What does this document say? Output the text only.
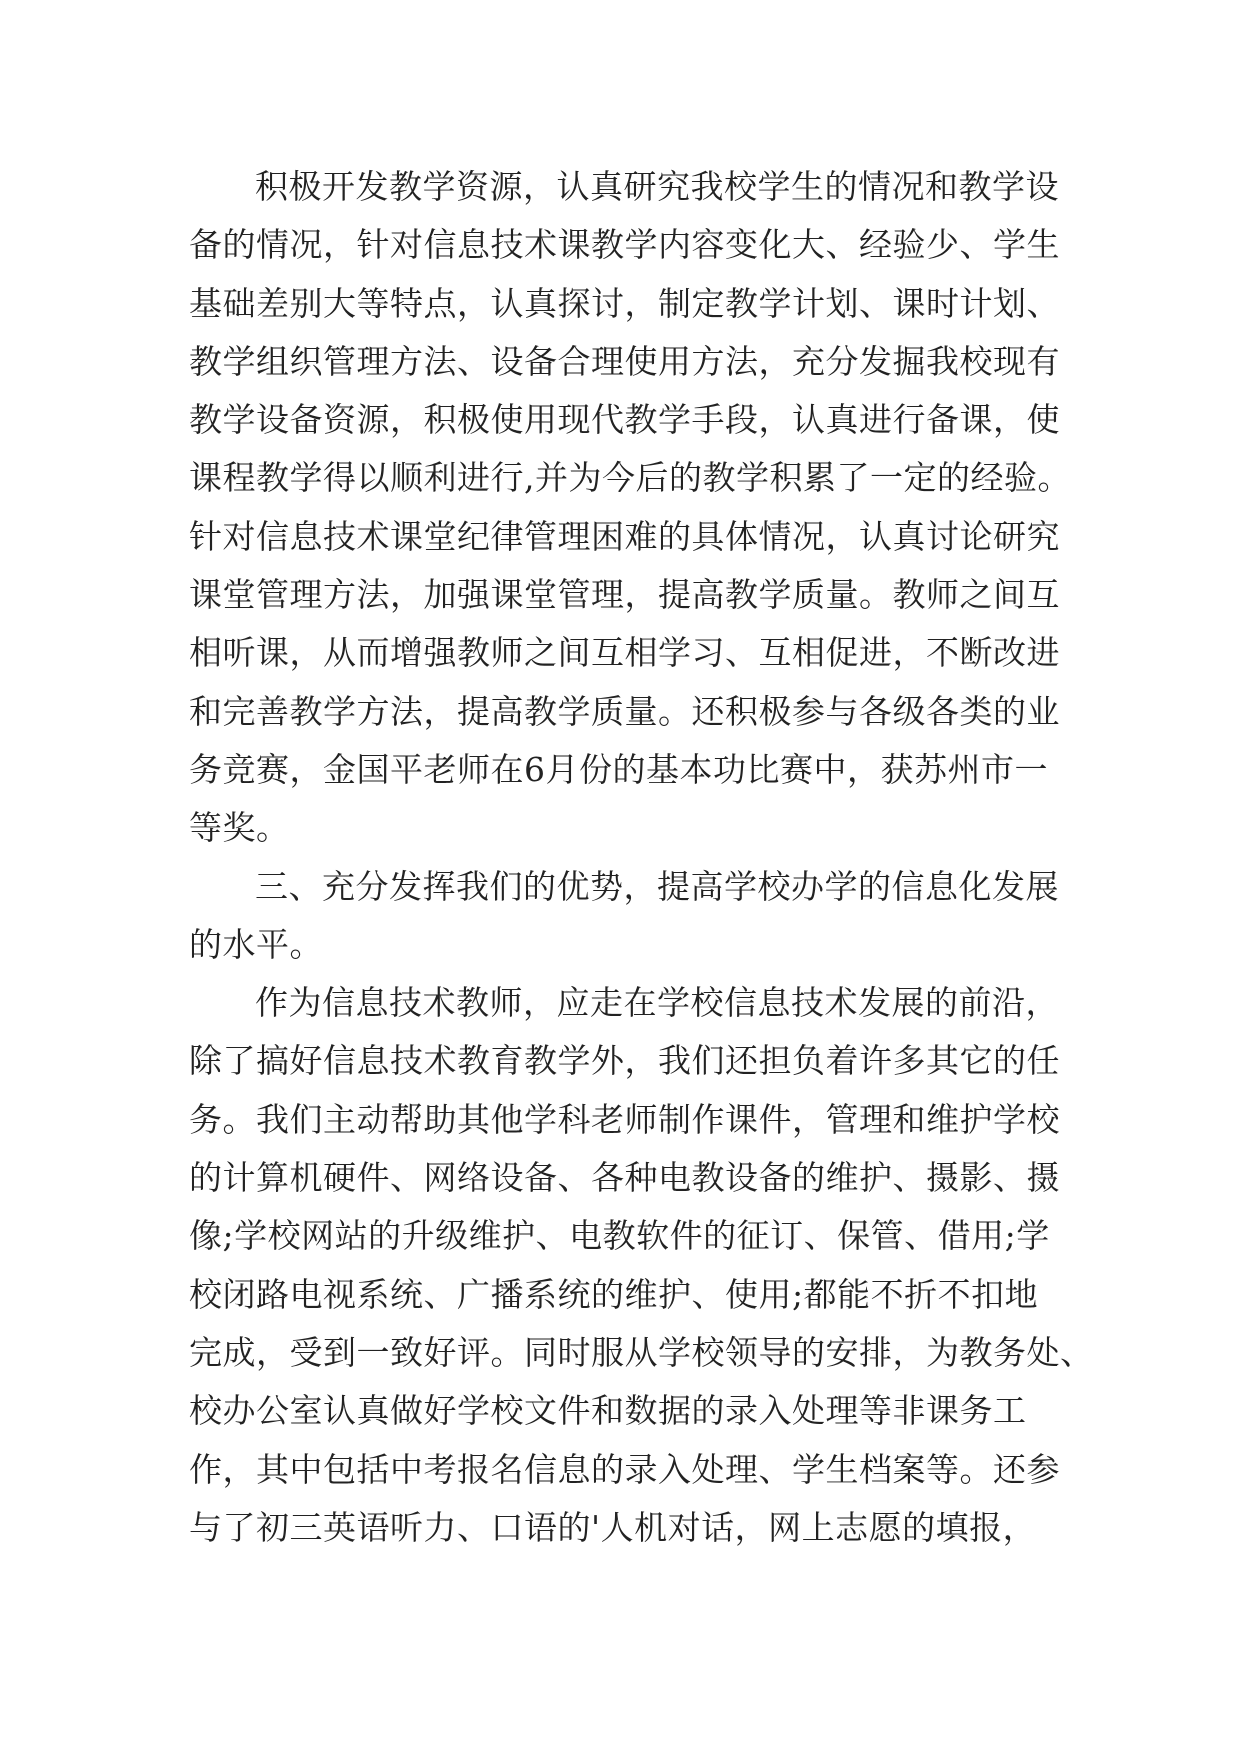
积极开发教学资源，认真研究我校学生的情况和教学设
备的情况，针对信息技术课教学内容变化大、经验少、学生
基础差别大等特点，认真探讨，制定教学计划、课时计划、
教学组织管理方法、设备合理使用方法，充分发掘我校现有
教学设备资源，积极使用现代教学手段，认真进行备课，使
课程教学得以顺利进行,并为今后的教学积累了一定的经验。
针对信息技术课堂纪律管理困难的具体情况，认真讨论研究
课堂管理方法，加强课堂管理，提高教学质量。教师之间互
相听课，从而增强教师之间互相学习、互相促进，不断改进
和完善教学方法，提高教学质量。还积极参与各级各类的业
务竞赛，金国平老师在6月份的基本功比赛中，获苏州市一
等奖。
三、充分发挥我们的优势，提高学校办学的信息化发展
的水平。
作为信息技术教师，应走在学校信息技术发展的前沿，
除了搞好信息技术教育教学外，我们还担负着许多其它的任
务。我们主动帮助其他学科老师制作课件，管理和维护学校
的计算机硬件、网络设备、各种电教设备的维护、摄影、摄
像;学校网站的升级维护、电教软件的征订、保管、借用;学
校闭路电视系统、广播系统的维护、使用;都能不折不扣地
完成，受到一致好评。同时服从学校领导的安排，为教务处、
校办公室认真做好学校文件和数据的录入处理等非课务工
作，其中包括中考报名信息的录入处理、学生档案等。还参
与了初三英语听力、口语的'人机对话，网上志愿的填报，
